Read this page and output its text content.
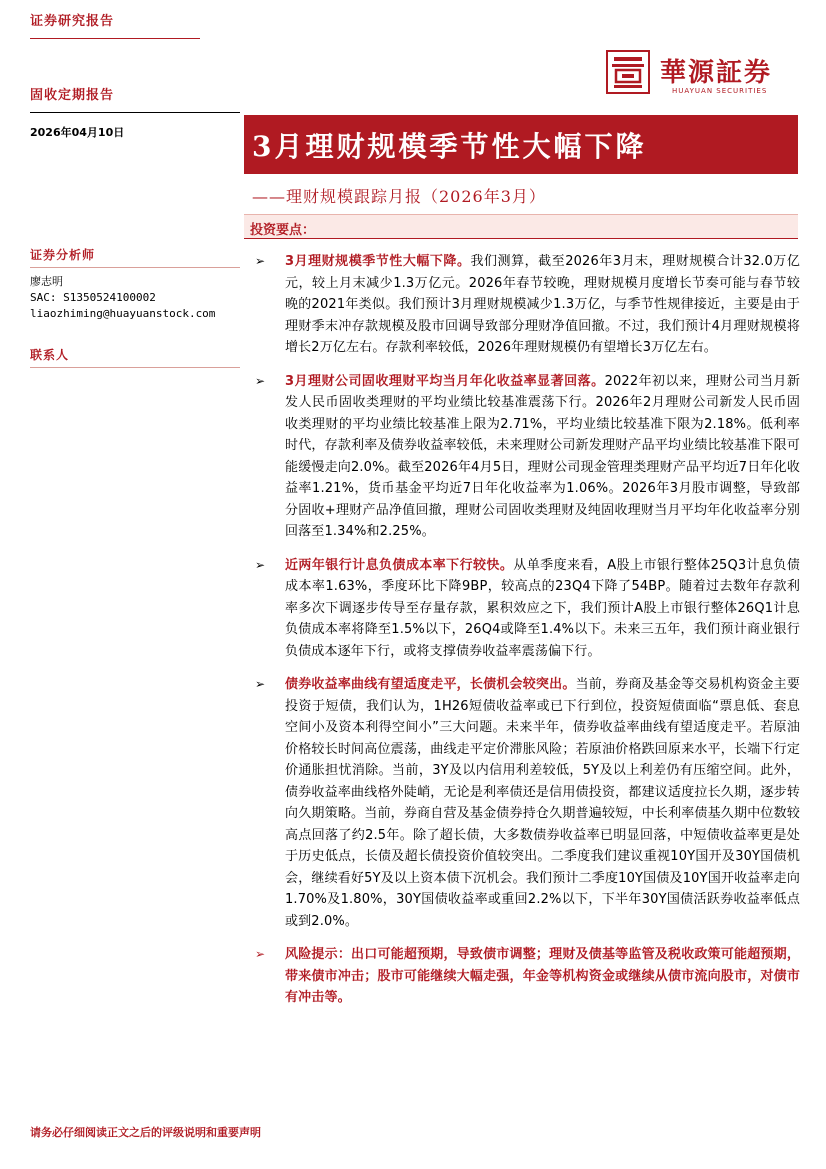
证券研究报告
固收定期报告
2026年04月10日
華源証券
HUAYUAN SECURITIES
3月理财规模季节性大幅下降
——理财规模跟踪月报（2026年3月）
投资要点：
证券分析师
廖志明
SAC: S1350524100002
liaozhiming@huayuanstock.com
联系人
➢ 3月理财规模季节性大幅下降。我们测算，截至2026年3月末，理财规模合计32.0万亿元，较上月末减少1.3万亿元。2026年春节较晚，理财规模月度增长节奏可能与春节较晚的2021年类似。我们预计3月理财规模减少1.3万亿，与季节性规律接近，主要是由于理财季末冲存款规模及股市回调导致部分理财净值回撤。不过，我们预计4月理财规模将增长2万亿左右。存款利率较低，2026年理财规模仍有望增长3万亿左右。
➢ 3月理财公司固收理财平均当月年化收益率显著回落。2022年初以来，理财公司当月新发人民币固收类理财的平均业绩比较基准震荡下行。2026年2月理财公司新发人民币固收类理财的平均业绩比较基准上限为2.71%，平均业绩比较基准下限为2.18%。低利率时代，存款利率及债券收益率较低，未来理财公司新发理财产品平均业绩比较基准下限可能缓慢走向2.0%。截至2026年4月5日，理财公司现金管理类理财产品平均近7日年化收益率1.21%，货币基金平均近7日年化收益率为1.06%。2026年3月股市调整，导致部分固收+理财产品净值回撤，理财公司固收类理财及纯固收理财当月平均年化收益率分别回落至1.34%和2.25%。
➢ 近两年银行计息负债成本率下行较快。从单季度来看，A股上市银行整体25Q3计息负债成本率1.63%，季度环比下降9BP，较高点的23Q4下降了54BP。随着过去数年存款利率多次下调逐步传导至存量存款，累积效应之下，我们预计A股上市银行整体26Q1计息负债成本率将降至1.5%以下，26Q4或降至1.4%以下。未来三五年，我们预计商业银行负债成本逐年下行，或将支撑债券收益率震荡偏下行。
➢ 债券收益率曲线有望适度走平，长债机会较突出。当前，券商及基金等交易机构资金主要投资于短债，我们认为，1H26短债收益率或已下行到位，投资短债面临“票息低、套息空间小及资本利得空间小”三大问题。未来半年，债券收益率曲线有望适度走平。若原油价格较长时间高位震荡，曲线走平定价滞胀风险；若原油价格跌回原来水平，长端下行定价通胀担忧消除。当前，3Y及以内信用利差较低，5Y及以上利差仍有压缩空间。此外，债券收益率曲线格外陡峭，无论是利率债还是信用债投资，都建议适度拉长久期，逐步转向久期策略。当前，券商自营及基金债券持仓久期普遍较短，中长利率债基久期中位数较高点回落了约2.5年。除了超长债，大多数债券收益率已明显回落，中短债收益率更是处于历史低点，长债及超长债投资价值较突出。二季度我们建议重视10Y国开及30Y国债机会，继续看好5Y及以上资本债下沉机会。我们预计二季度10Y国债及10Y国开收益率走向1.70%及1.80%，30Y国债收益率或重回2.2%以下，下半年30Y国债活跃券收益率低点或到2.0%。
➢ 风险提示：出口可能超预期，导致债市调整；理财及债基等监管及税收政策可能超预期，带来债市冲击；股市可能继续大幅走强，年金等机构资金或继续从债市流向股市，对债市有冲击等。
请务必仔细阅读正文之后的评级说明和重要声明
